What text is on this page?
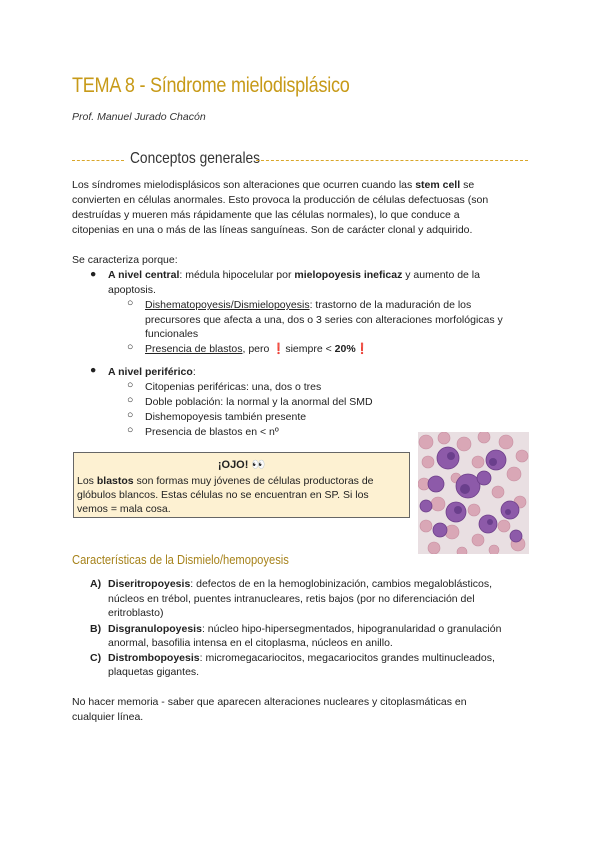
TEMA 8 - Síndrome mielodisplásico
Prof. Manuel Jurado Chacón
Conceptos generales
Los síndromes mielodisplásicos son alteraciones que ocurren cuando las stem cell se
convierten en células anormales. Esto provoca la producción de células defectuosas (son
destruídas y mueren más rápidamente que las células normales), lo que conduce a
citopenias en una o más de las líneas sanguíneas. Son de carácter clonal y adquirido.
Se caracteriza porque:
● A nivel central: médula hipocelular por mielopoyesis ineficaz y aumento de la
apoptosis.
○ Dishematopoyesis/Dismielopoyesis: trastorno de la maduración de los
precursores que afecta a una, dos o 3 series con alteraciones morfológicas y
funcionales
○ Presencia de blastos, pero ❗siempre < 20%❗
● A nivel periférico:
○ Citopenias periféricas: una, dos o tres
○ Doble población: la normal y la anormal del SMD
○ Dishemopoyesis también presente
○ Presencia de blastos en < nº
¡OJO! 👀
Los blastos son formas muy jóvenes de células productoras de
glóbulos blancos. Estas células no se encuentran en SP. Si los
vemos = mala cosa.
Características de la Dismielo/hemopoyesis
A) Diseritropoyesis: defectos de en la hemoglobinización, cambios megaloblásticos,
núcleos en trébol, puentes intranucleares, retis bajos (por no diferenciación del
eritroblasto)
B) Disgranulopoyesis: núcleo hipo-hipersegmentados, hipogranularidad o granulación
anormal, basofilia intensa en el citoplasma, núcleos en anillo.
C) Distrombopoyesis: micromegacariocitos, megacariocitos grandes multinucleados,
plaquetas gigantes.
No hacer memoria - saber que aparecen alteraciones nucleares y citoplasmáticas en
cualquier línea.
